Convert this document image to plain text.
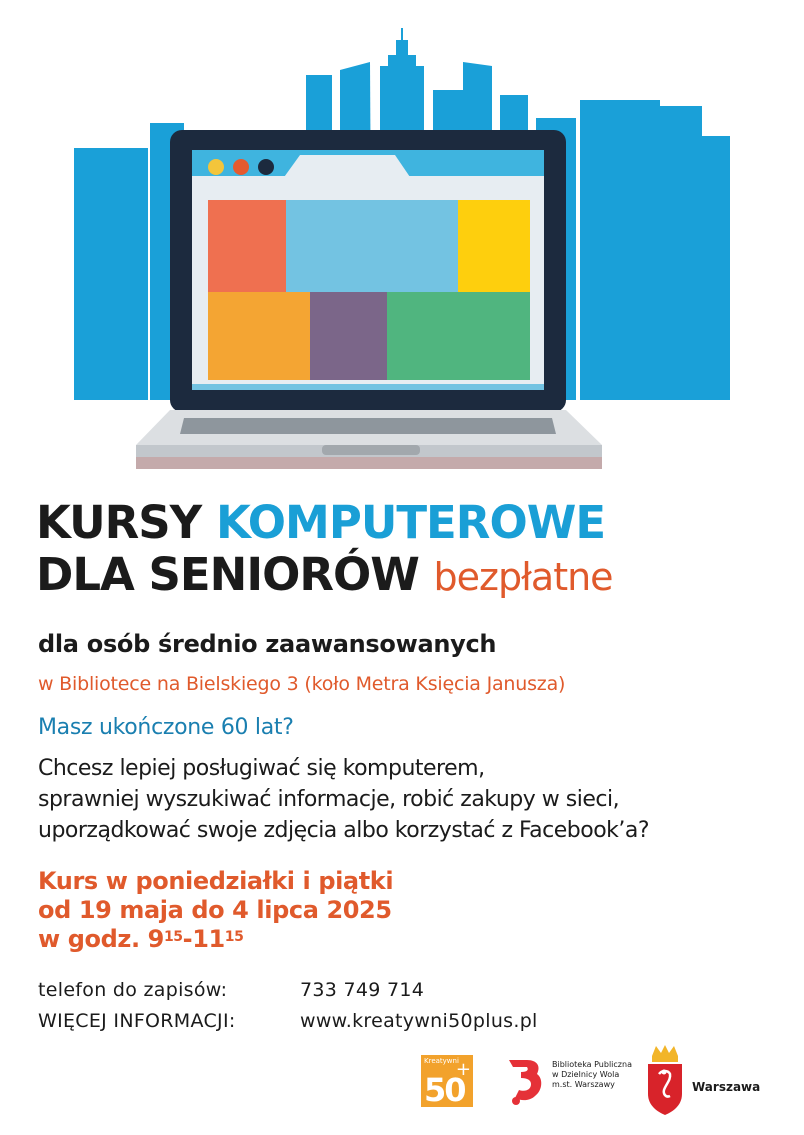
KURSY KOMPUTEROWE
DLA SENIORÓW bezpłatne
dla osób średnio zaawansowanych
w Bibliotece na Bielskiego 3 (koło Metra Księcia Janusza)
Masz ukończone 60 lat?
Chcesz lepiej posługiwać się komputerem,
sprawniej wyszukiwać informacje, robić zakupy w sieci,
uporządkować swoje zdjęcia albo korzystać z Facebook’a?
Kurs w poniedziałki i piątki
od 19 maja do 4 lipca 2025
w godz. $9^{15}-11^{15}$
telefon do zapisów:	733 749 714
WIĘCEJ INFORMACJI:	www.kreatywni50plus.pl
Kreatywni
50
+	Biblioteka Publiczna
w Dzielnicy Wola
m.st. Warszawy	Warszawa
